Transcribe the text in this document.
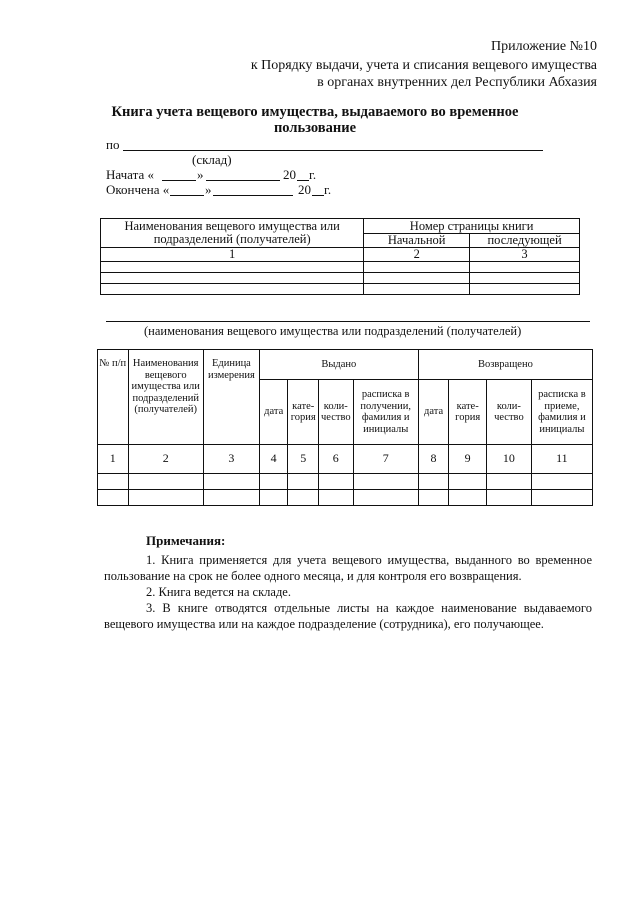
Приложение №10
к Порядку выдачи, учета и списания вещевого имущества
в органах внутренних дел Республики Абхазия
Книга учета вещевого имущества, выдаваемого во временное пользование
по
(склад)
Начата «	»	20 г.
Окончена «	»	20 г.
Наименования вещевого имущества или подразделений (получателей)	Номер страницы книги	
	Начальной	последующей
1	2	3

(наименования вещевого имущества или подразделений (получателей)
№ п/п	Наименования вещевого имущества или подразделений (получателей)	Единица измерения	Выдано				Возвращено			
			дата	кате-гория	коли-чество	расписка в получении, фамилия и инициалы	дата	кате-гория	коли-чество	расписка в приеме, фамилия и инициалы
1	2	3	4	5	6	7	8	9	10	11

Примечания:

1. Книга применяется для учета вещевого имущества, выданного во временное пользование на срок не более одного месяца, и для контроля его возвращения.

2. Книга ведется на складе.

3. В книге отводятся отдельные листы на каждое наименование выдаваемого вещевого имущества или на каждое подразделение (сотрудника), его получающее.
